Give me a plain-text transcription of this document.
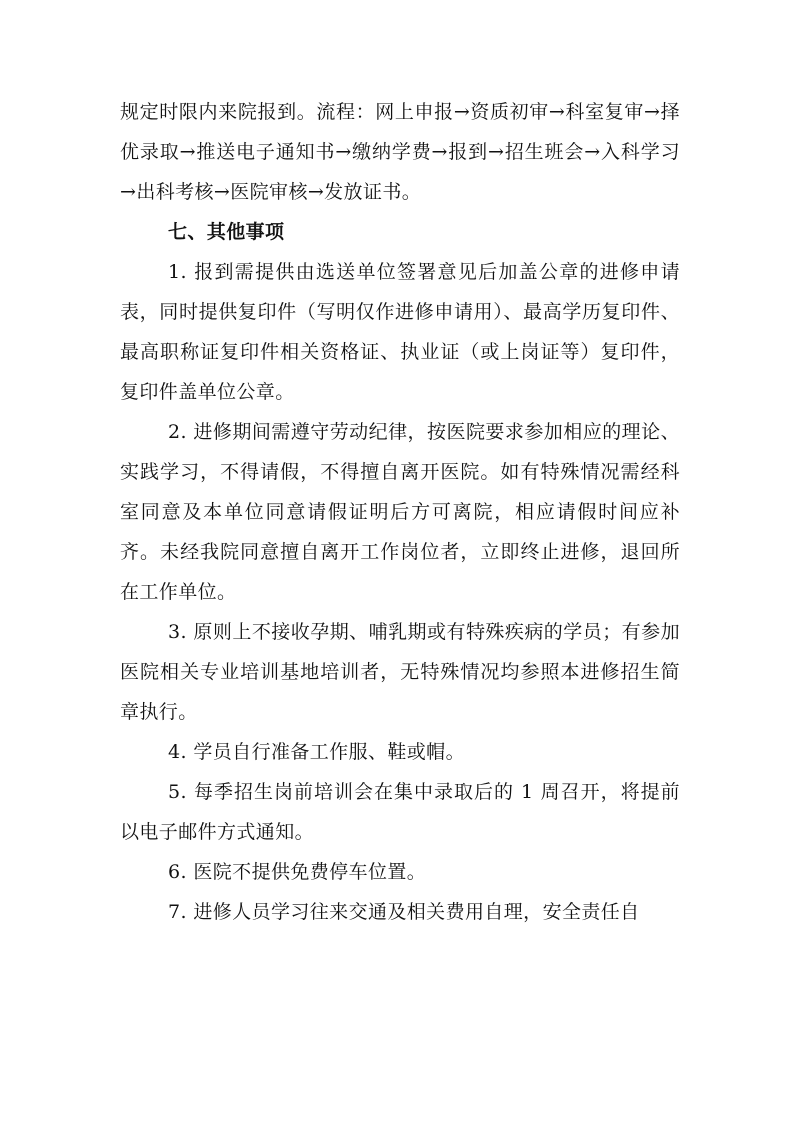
规定时限内来院报到。流程：网上申报→资质初审→科室复审→择优录取→推送电子通知书→缴纳学费→报到→招生班会→入科学习→出科考核→医院审核→发放证书。

七、其他事项

1. 报到需提供由选送单位签署意见后加盖公章的进修申请表，同时提供复印件（写明仅作进修申请用）、最高学历复印件、最高职称证复印件相关资格证、执业证（或上岗证等）复印件，复印件盖单位公章。

2. 进修期间需遵守劳动纪律，按医院要求参加相应的理论、实践学习，不得请假，不得擅自离开医院。如有特殊情况需经科室同意及本单位同意请假证明后方可离院，相应请假时间应补齐。未经我院同意擅自离开工作岗位者，立即终止进修，退回所在工作单位。

3. 原则上不接收孕期、哺乳期或有特殊疾病的学员；有参加医院相关专业培训基地培训者，无特殊情况均参照本进修招生简章执行。

4. 学员自行准备工作服、鞋或帽。

5. 每季招生岗前培训会在集中录取后的 1 周召开，将提前以电子邮件方式通知。

6. 医院不提供免费停车位置。

7. 进修人员学习往来交通及相关费用自理，安全责任自
